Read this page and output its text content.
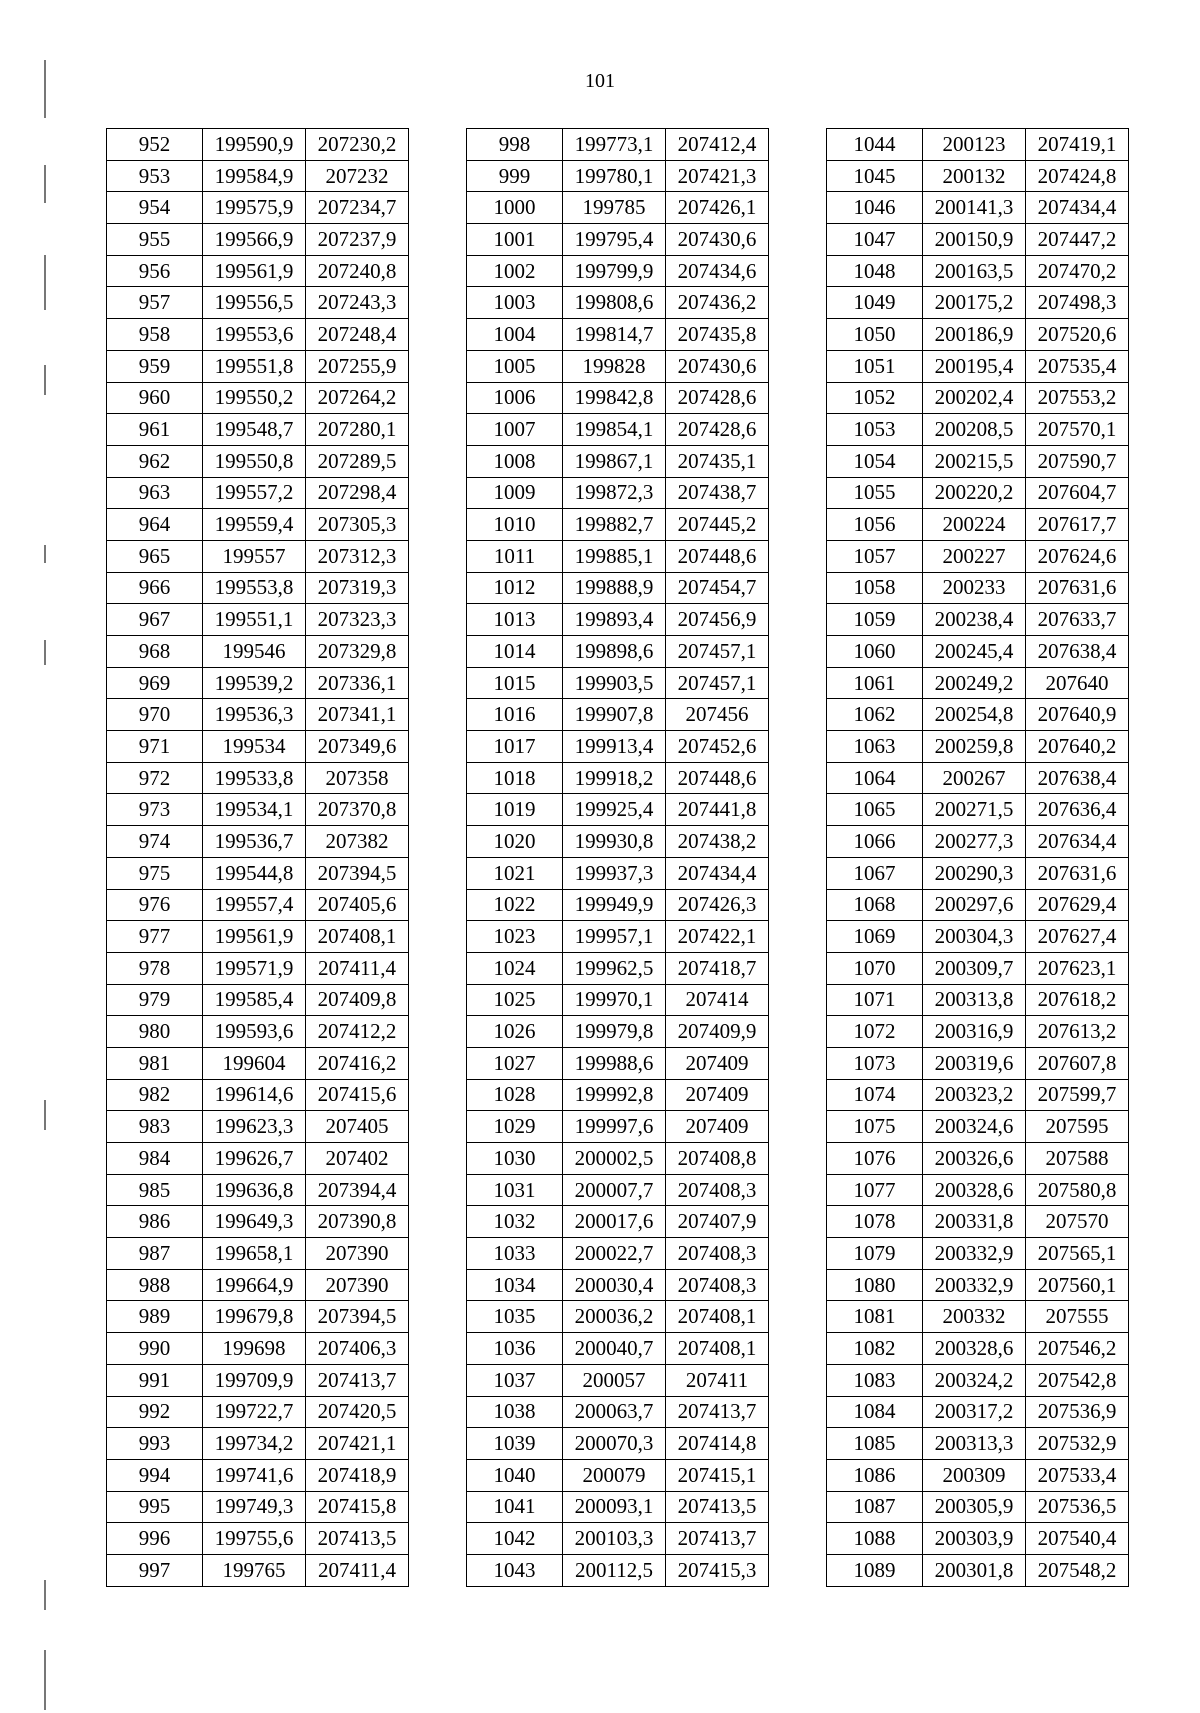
101
952	199590,9	207230,2
953	199584,9	207232
954	199575,9	207234,7
955	199566,9	207237,9
956	199561,9	207240,8
957	199556,5	207243,3
958	199553,6	207248,4
959	199551,8	207255,9
960	199550,2	207264,2
961	199548,7	207280,1
962	199550,8	207289,5
963	199557,2	207298,4
964	199559,4	207305,3
965	199557	207312,3
966	199553,8	207319,3
967	199551,1	207323,3
968	199546	207329,8
969	199539,2	207336,1
970	199536,3	207341,1
971	199534	207349,6
972	199533,8	207358
973	199534,1	207370,8
974	199536,7	207382
975	199544,8	207394,5
976	199557,4	207405,6
977	199561,9	207408,1
978	199571,9	207411,4
979	199585,4	207409,8
980	199593,6	207412,2
981	199604	207416,2
982	199614,6	207415,6
983	199623,3	207405
984	199626,7	207402
985	199636,8	207394,4
986	199649,3	207390,8
987	199658,1	207390
988	199664,9	207390
989	199679,8	207394,5
990	199698	207406,3
991	199709,9	207413,7
992	199722,7	207420,5
993	199734,2	207421,1
994	199741,6	207418,9
995	199749,3	207415,8
996	199755,6	207413,5
997	199765	207411,4
998	199773,1	207412,4
999	199780,1	207421,3
1000	199785	207426,1
1001	199795,4	207430,6
1002	199799,9	207434,6
1003	199808,6	207436,2
1004	199814,7	207435,8
1005	199828	207430,6
1006	199842,8	207428,6
1007	199854,1	207428,6
1008	199867,1	207435,1
1009	199872,3	207438,7
1010	199882,7	207445,2
1011	199885,1	207448,6
1012	199888,9	207454,7
1013	199893,4	207456,9
1014	199898,6	207457,1
1015	199903,5	207457,1
1016	199907,8	207456
1017	199913,4	207452,6
1018	199918,2	207448,6
1019	199925,4	207441,8
1020	199930,8	207438,2
1021	199937,3	207434,4
1022	199949,9	207426,3
1023	199957,1	207422,1
1024	199962,5	207418,7
1025	199970,1	207414
1026	199979,8	207409,9
1027	199988,6	207409
1028	199992,8	207409
1029	199997,6	207409
1030	200002,5	207408,8
1031	200007,7	207408,3
1032	200017,6	207407,9
1033	200022,7	207408,3
1034	200030,4	207408,3
1035	200036,2	207408,1
1036	200040,7	207408,1
1037	200057	207411
1038	200063,7	207413,7
1039	200070,3	207414,8
1040	200079	207415,1
1041	200093,1	207413,5
1042	200103,3	207413,7
1043	200112,5	207415,3
1044	200123	207419,1
1045	200132	207424,8
1046	200141,3	207434,4
1047	200150,9	207447,2
1048	200163,5	207470,2
1049	200175,2	207498,3
1050	200186,9	207520,6
1051	200195,4	207535,4
1052	200202,4	207553,2
1053	200208,5	207570,1
1054	200215,5	207590,7
1055	200220,2	207604,7
1056	200224	207617,7
1057	200227	207624,6
1058	200233	207631,6
1059	200238,4	207633,7
1060	200245,4	207638,4
1061	200249,2	207640
1062	200254,8	207640,9
1063	200259,8	207640,2
1064	200267	207638,4
1065	200271,5	207636,4
1066	200277,3	207634,4
1067	200290,3	207631,6
1068	200297,6	207629,4
1069	200304,3	207627,4
1070	200309,7	207623,1
1071	200313,8	207618,2
1072	200316,9	207613,2
1073	200319,6	207607,8
1074	200323,2	207599,7
1075	200324,6	207595
1076	200326,6	207588
1077	200328,6	207580,8
1078	200331,8	207570
1079	200332,9	207565,1
1080	200332,9	207560,1
1081	200332	207555
1082	200328,6	207546,2
1083	200324,2	207542,8
1084	200317,2	207536,9
1085	200313,3	207532,9
1086	200309	207533,4
1087	200305,9	207536,5
1088	200303,9	207540,4
1089	200301,8	207548,2
